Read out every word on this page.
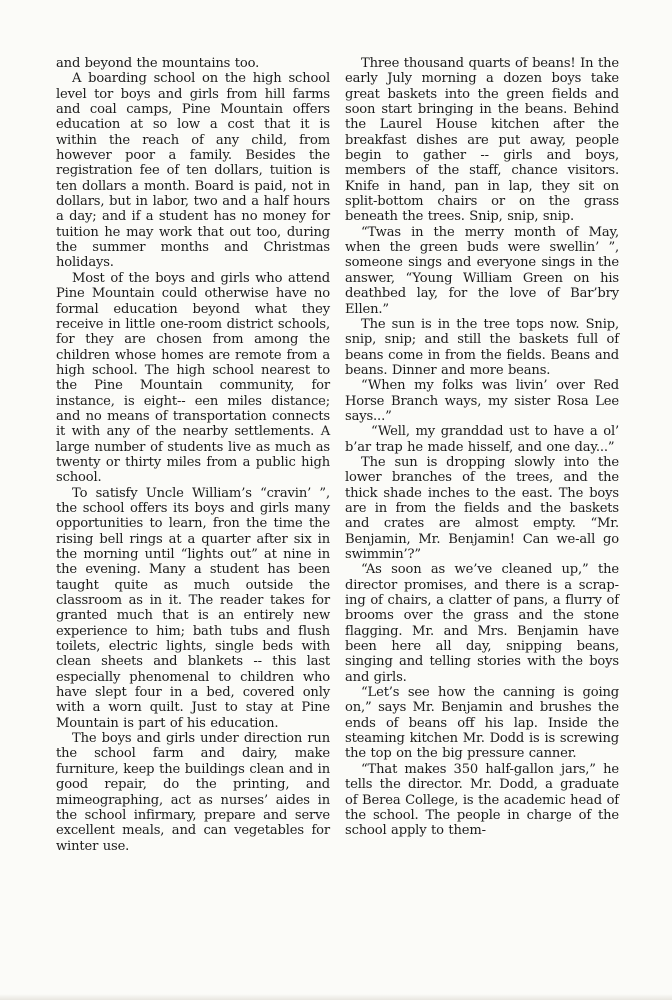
and beyond the mountains too.

A boarding school on the high school level tor boys and girls from hill farms and coal camps, Pine Mountain offers education at so low a cost that it is within the reach of any child, from however poor a family. Besides the registration fee of ten dollars, tuition is ten dollars a month. Board is paid, not in dollars, but in labor, two and a half hours a day; and if a student has no money for tuition he may work that out too, during the summer months and Christmas holidays.

Most of the boys and girls who attend Pine Mountain could otherwise have no formal education beyond what they receive in little one-room district schools, for they are chosen from among the children whose homes are remote from a high school. The high school nearest to the Pine Mountain community, for instance, is eight-- een miles distance; and no means of transportation connects it with any of the nearby settlements. A large number of students live as much as twenty or thirty miles from a public high school.

To satisfy Uncle William’s “cravin’ ”, the school offers its boys and girls many opportunities to learn, fron the time the rising bell rings at a quarter after six in the morning until “lights out” at nine in the evening. Many a student has been taught quite as much outside the classroom as in it. The reader takes for granted much that is an entirely new experience to him; bath tubs and flush toilets, electric lights, single beds with clean sheets and blankets -- this last especially phenomenal to children who have slept four in a bed, covered only with a worn quilt. Just to stay at Pine Mountain is part of his education.

The boys and girls under direction run the school farm and dairy, make furniture, keep the buildings clean and in good repair, do the printing, and mimeographing, act as nurses’ aides in the school infirmary, prepare and serve excellent meals, and can vegetables for winter use.

Three thousand quarts of beans! In the early July morning a dozen boys take great baskets into the green fields and soon start bringing in the beans. Behind the Laurel House kitchen after the breakfast dishes are put away, people begin to gather -- girls and boys, members of the staff, chance visitors. Knife in hand, pan in lap, they sit on split-bottom chairs or on the grass beneath the trees. Snip, snip, snip.

“Twas in the merry month of May, when the green buds were swellin’ ”, someone sings and everyone sings in the answer, “Young William Green on his deathbed lay, for the love of Bar’bry Ellen.”

The sun is in the tree tops now. Snip, snip, snip; and still the baskets full of beans come in from the fields. Beans and beans. Dinner and more beans.

“When my folks was livin’ over Red Horse Branch ways, my sister Rosa Lee says...”

“Well, my granddad ust to have a ol’ b’ar trap he made hisself, and one day...”

The sun is dropping slowly into the lower branches of the trees, and the thick shade inches to the east. The boys are in from the fields and the baskets and crates are almost empty. “Mr. Benjamin, Mr. Benjamin! Can we-all go swimmin’?”

“As soon as we’ve cleaned up,” the director promises, and there is a scraping of chairs, a clatter of pans, a flurry of brooms over the grass and the stone flagging. Mr. and Mrs. Benjamin have been here all day, snipping beans, singing and telling stories with the boys and girls.

“Let’s see how the canning is going on,” says Mr. Benjamin and brushes the ends of beans off his lap. Inside the steaming kitchen Mr. Dodd is is screwing the top on the big pressure canner.

“That makes 350 half-gallon jars,” he tells the director. Mr. Dodd, a graduate of Berea College, is the academic head of the school. The people in charge of the school apply to them-
